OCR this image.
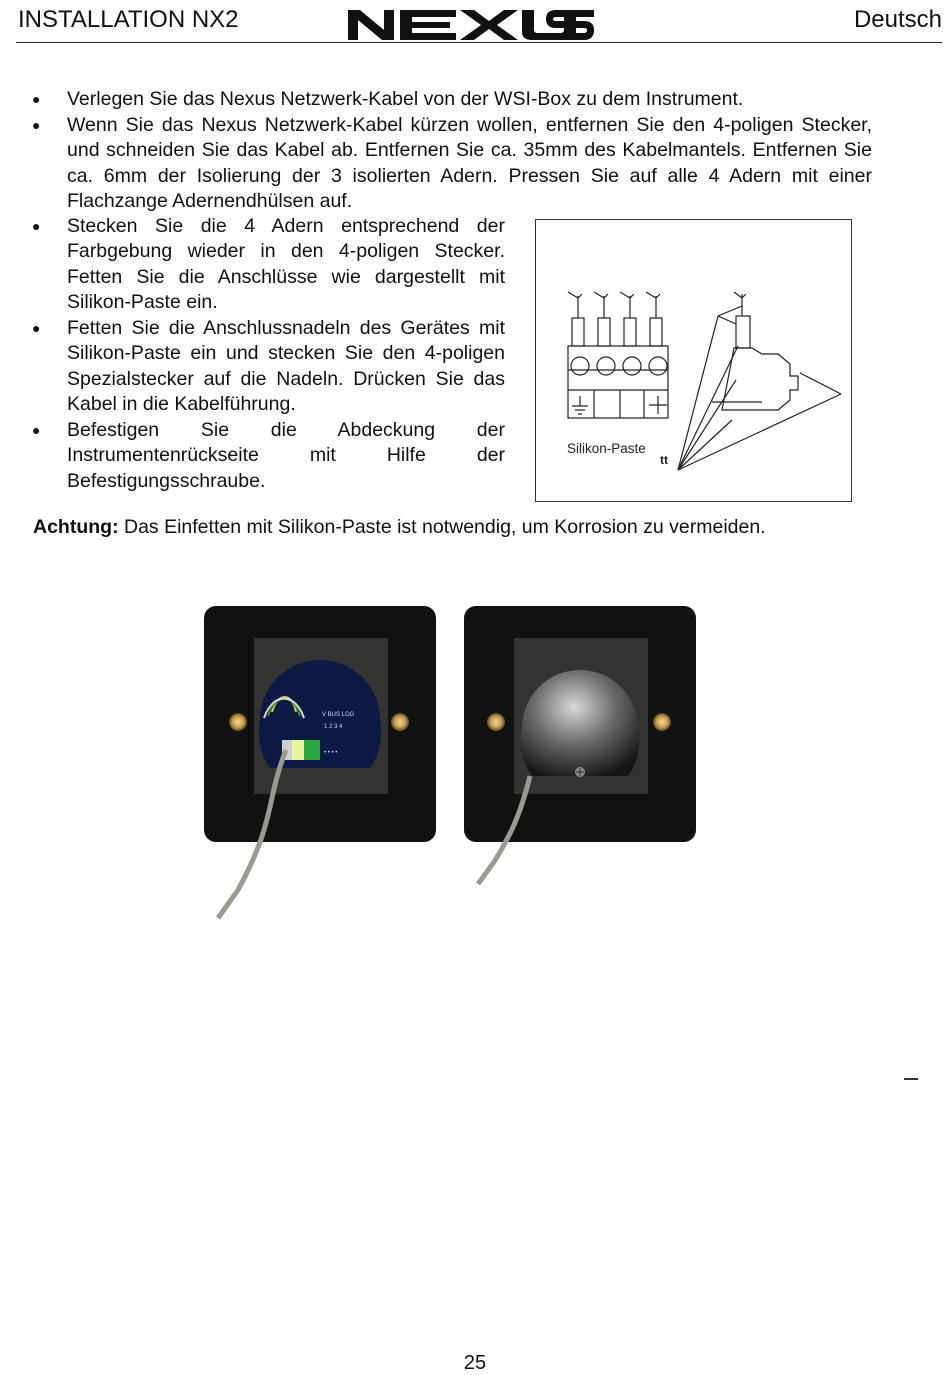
INSTALLATION NX2	Deutsch
● Verlegen Sie das Nexus Netzwerk-Kabel von der WSI-Box zu dem Instrument.
● Wenn Sie das Nexus Netzwerk-Kabel kürzen wollen, entfernen Sie den 4-poligen Stecker, und schneiden Sie das Kabel ab. Entfernen Sie ca. 35mm des Kabelmantels. Entfernen Sie ca. 6mm der Isolierung der 3 isolierten Adern. Pressen Sie auf alle 4 Adern mit einer Flachzange Adernendhülsen auf.
● Stecken Sie die 4 Adern entsprechend der Farbgebung wieder in den 4-poligen Stecker. Fetten Sie die Anschlüsse wie dargestellt mit Silikon-Paste ein.
● Fetten Sie die Anschlussnadeln des Gerätes mit Silikon-Paste ein und stecken Sie den 4-poligen Spezialstecker auf die Nadeln. Drücken Sie das Kabel in die Kabelführung.
● Befestigen Sie die Abdeckung der Instrumentenrückseite mit Hilfe der Befestigungsschraube.
Silikon-Paste
tt
Achtung: Das Einfetten mit Silikon-Paste ist notwendig, um Korrosion zu vermeiden.
V BUS LOG
1 2 3 4
• • • •
25
